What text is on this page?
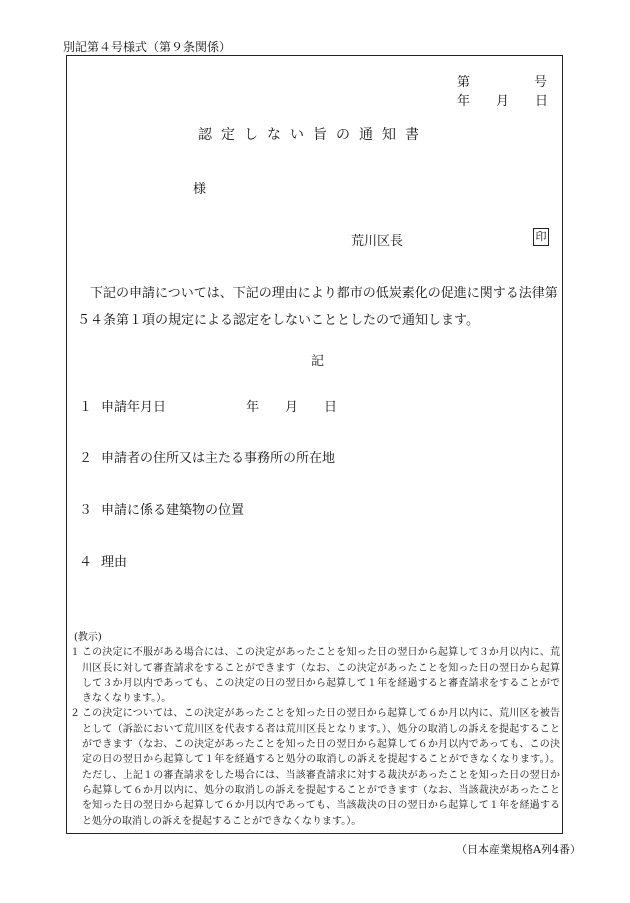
別記第４号様式（第９条関係）
第	号
年 月 日
認定しない旨の通知書
様
荒川区長	印
下記の申請については、下記の理由により都市の低炭素化の促進に関する法律第
５４条第１項の規定による認定をしないこととしたので通知します。
記
１ 申請年月日	年 月 日
２ 申請者の住所又は主たる事務所の所在地
３ 申請に係る建築物の位置
４ 理由
(教示)
１ この決定に不服がある場合には、この決定があったことを知った日の翌日から起算して３か月以内に、荒川区長に対して審査請求をすることができます（なお、この決定があったことを知った日の翌日から起算して３か月以内であっても、この決定の日の翌日から起算して１年を経過すると審査請求をすることができなくなります。）。
２ この決定については、この決定があったことを知った日の翌日から起算して６か月以内に、荒川区を被告として（訴訟において荒川区を代表する者は荒川区長となります。）、処分の取消しの訴えを提起することができます（なお、この決定があったことを知った日の翌日から起算して６か月以内であっても、この決定の日の翌日から起算して１年を経過すると処分の取消しの訴えを提起することができなくなります。）。ただし、上記１の審査請求をした場合には、当該審査請求に対する裁決があったことを知った日の翌日から起算して６か月以内に、処分の取消しの訴えを提起することができます（なお、当該裁決があったことを知った日の翌日から起算して６か月以内であっても、当該裁決の日の翌日から起算して１年を経過すると処分の取消しの訴えを提起することができなくなります。）。
（日本産業規格A列4番）
